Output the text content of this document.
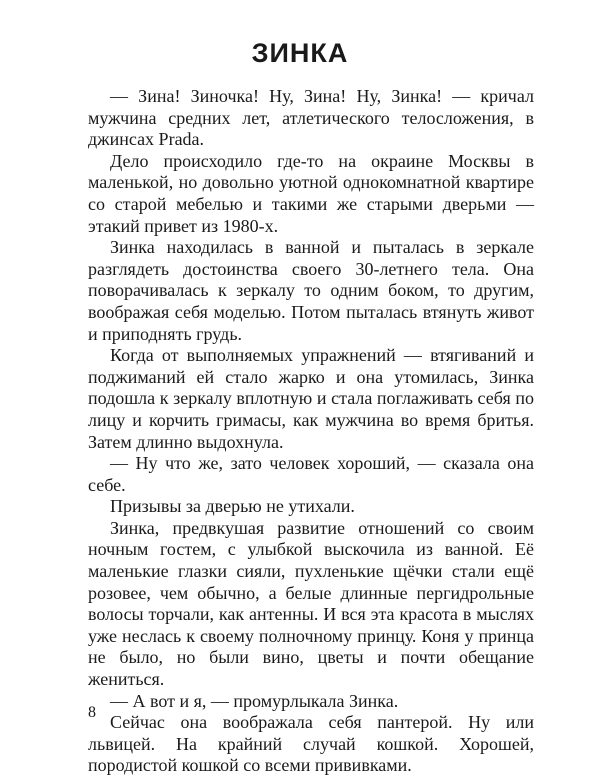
ЗИНКА

— Зина! Зиночка! Ну, Зина! Ну, Зинка! — кричал мужчина средних лет, атлетического телосложения, в джинсах Prada.

Дело происходило где-то на окраине Москвы в маленькой, но довольно уютной однокомнатной квартире со старой мебелью и такими же старыми дверьми — этакий привет из 1980-х.

Зинка находилась в ванной и пыталась в зеркале разглядеть достоинства своего 30-летнего тела. Она поворачивалась к зеркалу то одним боком, то другим, воображая себя моделью. Потом пыталась втянуть живот и приподнять грудь.

Когда от выполняемых упражнений — втягиваний и поджиманий ей стало жарко и она утомилась, Зинка подошла к зеркалу вплотную и стала поглаживать себя по лицу и корчить гримасы, как мужчина во время бритья. Затем длинно выдохнула.

— Ну что же, зато человек хороший, — сказала она себе.

Призывы за дверью не утихали.

Зинка, предвкушая развитие отношений со своим ночным гостем, с улыбкой выскочила из ванной. Её маленькие глазки сияли, пухленькие щёчки стали ещё розовее, чем обычно, а белые длинные пергидрольные волосы торчали, как антенны. И вся эта красота в мыслях уже неслась к своему полночному принцу. Коня у принца не было, но были вино, цветы и почти обещание жениться.

— А вот и я, — промурлыкала Зинка.

Сейчас она воображала себя пантерой. Ну или львицей. На крайний случай кошкой. Хорошей, породистой кошкой со всеми прививками.

8
